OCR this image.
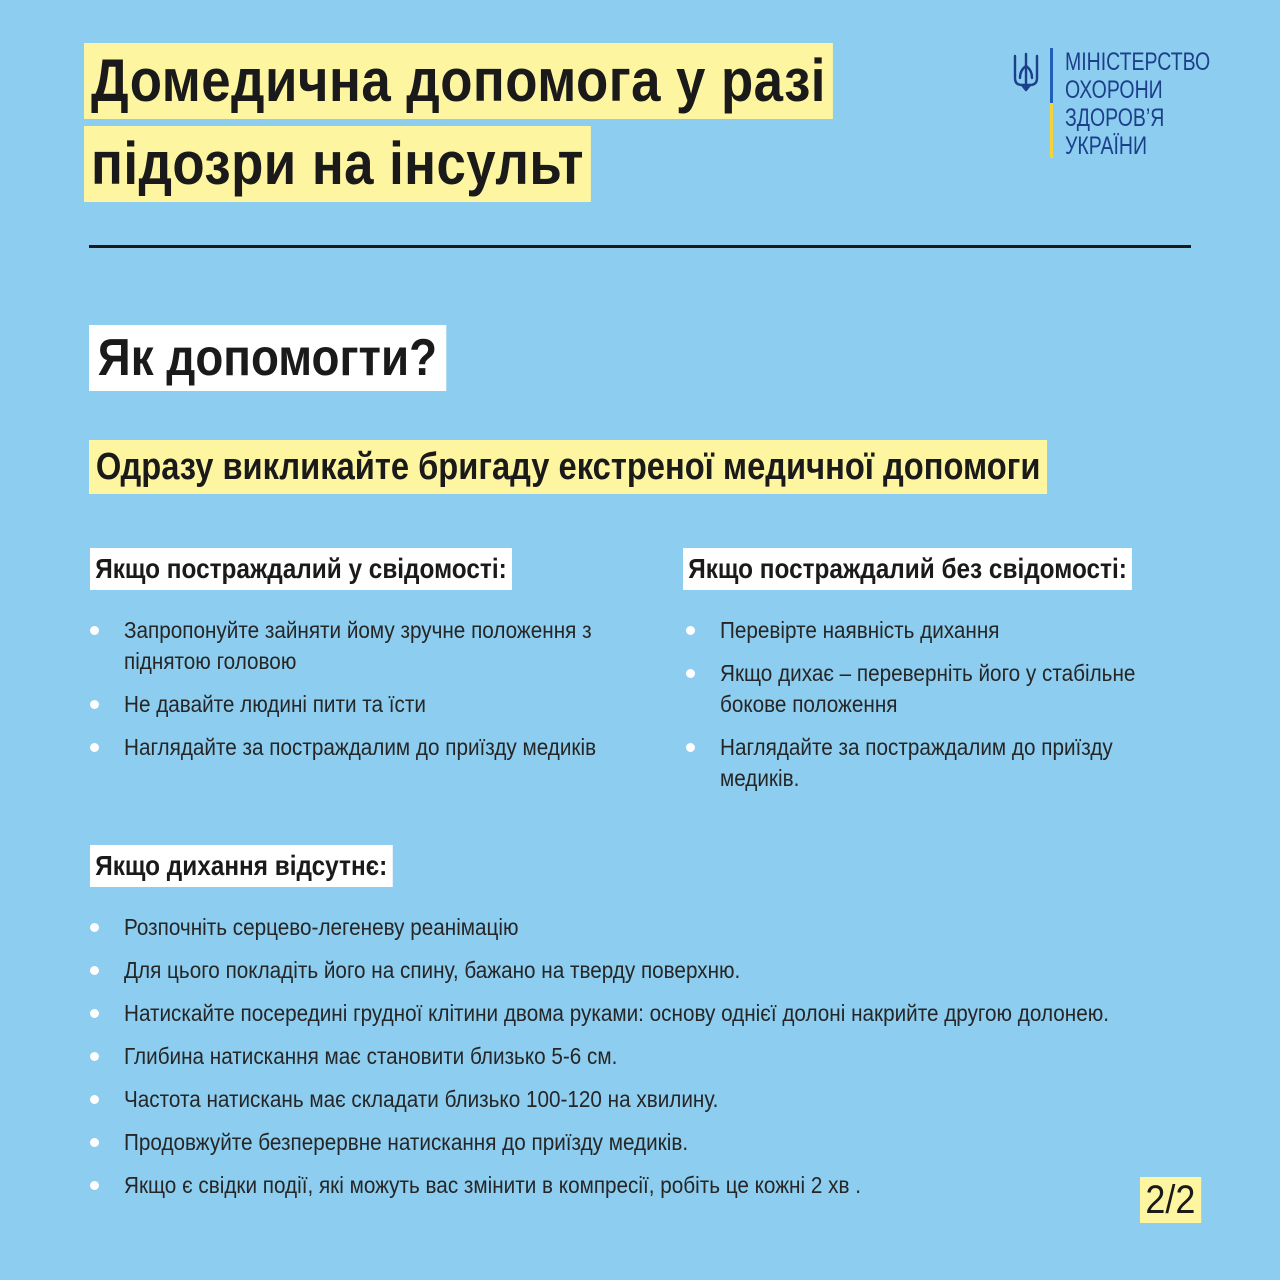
Домедична допомога у разі
підозри на інсульт
МІНІСТЕРСТВО
ОХОРОНИ
ЗДОРОВ’Я
УКРАЇНИ
Як допомогти?
Одразу викликайте бригаду екстреної медичної допомоги
Якщо постраждалий у свідомості:
Запропонуйте зайняти йому зручне положення з піднятою головою
Не давайте людині пити та їсти
Наглядайте за постраждалим до приїзду медиків
Якщо постраждалий без свідомості:
Перевірте наявність дихання
Якщо дихає – переверніть його у стабільне бокове положення
Наглядайте за постраждалим до приїзду медиків.
Якщо дихання відсутнє:
Розпочніть серцево-легеневу реанімацію
Для цього покладіть його на спину, бажано на тверду поверхню.
Натискайте посередині грудної клітини двома руками: основу однієї долоні накрийте другою долонею.
Глибина натискання має становити близько 5-6 см.
Частота натискань має складати близько 100-120 на хвилину.
Продовжуйте безперервне натискання до приїзду медиків.
Якщо є свідки події, які можуть вас змінити в компресії, робіть це кожні 2 хв .	2/2
